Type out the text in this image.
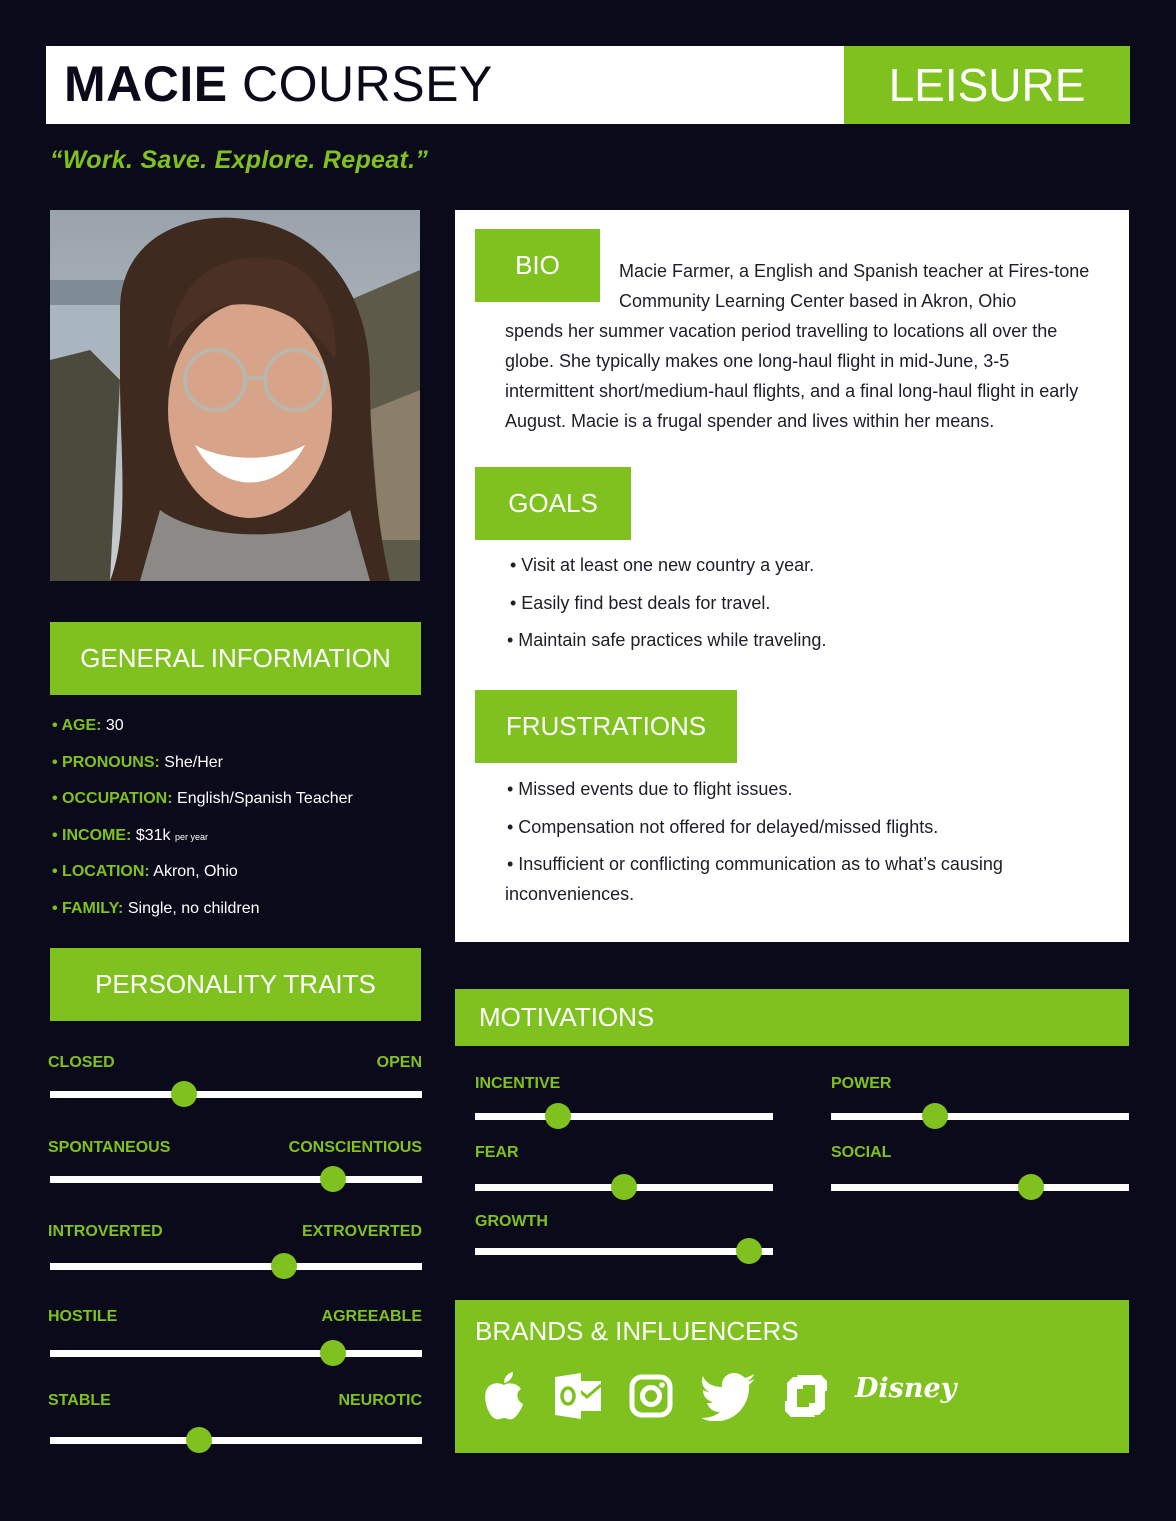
MACIE COURSEY	LEISURE
“Work. Save. Explore. Repeat.”
GENERAL INFORMATION
• AGE: 30
• PRONOUNS: She/Her
• OCCUPATION: English/Spanish Teacher
• INCOME: $31k per year
• LOCATION: Akron, Ohio
• FAMILY: Single, no children
PERSONALITY TRAITS
CLOSED	OPEN
SPONTANEOUS	CONSCIENTIOUS
INTROVERTED	EXTROVERTED
HOSTILE	AGREEABLE
STABLE	NEUROTIC
BIO	Macie Farmer, a English and Spanish teacher at Fires-tone Community Learning Center based in Akron, Ohio
spends her summer vacation period travelling to locations all over the globe. She typically makes one long-haul flight in mid-June, 3-5 intermittent short/medium-haul flights, and a final long-haul flight in early August. Macie is a frugal spender and lives within her means.
GOALS
• Visit at least one new country a year.
• Easily find best deals for travel.
• Maintain safe practices while traveling.
FRUSTRATIONS
• Missed events due to flight issues.
• Compensation not offered for delayed/missed flights.
• Insufficient or conflicting communication as to what’s causing
inconveniences.
MOTIVATIONS
INCENTIVE	POWER
FEAR	SOCIAL
GROWTH
BRANDS & INFLUENCERS
Disney
